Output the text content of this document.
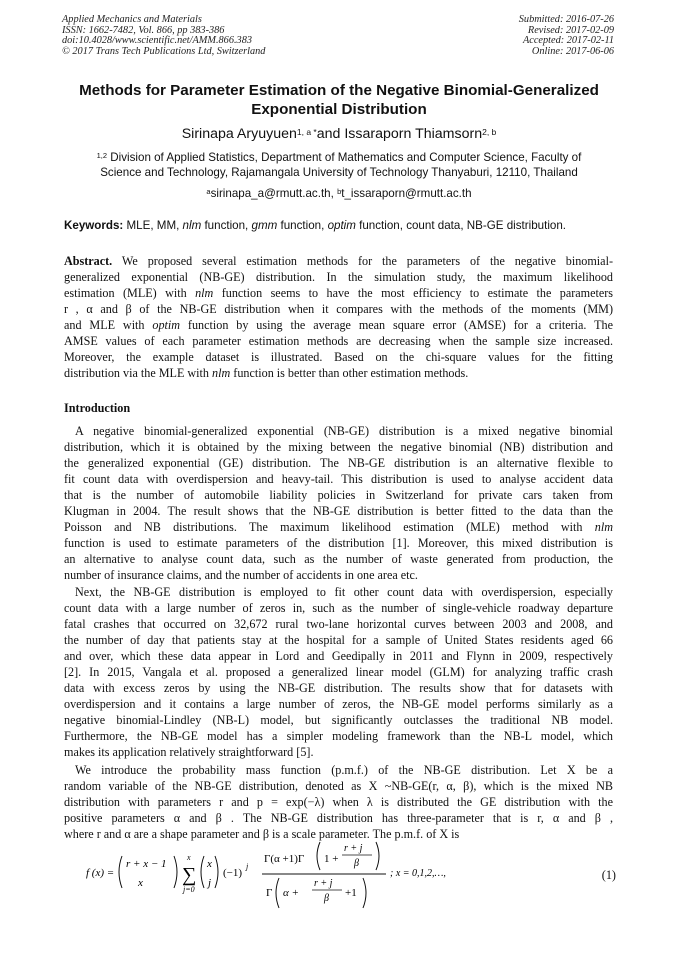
Applied Mechanics and Materials
ISSN: 1662-7482, Vol. 866, pp 383-386
doi:10.4028/www.scientific.net/AMM.866.383
© 2017 Trans Tech Publications Ltd, Switzerland
Submitted: 2016-07-26
Revised: 2017-02-09
Accepted: 2017-02-11
Online: 2017-06-06
Methods for Parameter Estimation of the Negative Binomial-Generalized
Exponential Distribution
Sirinapa Aryuyuen$^{1, a *}$and Issaraporn Thiamsorn$^{2, b}$
$^{1,2}$ Division of Applied Statistics, Department of Mathematics and Computer Science, Faculty of
Science and Technology, Rajamangala University of Technology Thanyaburi, 12110, Thailand
$^a$sirinapa_a@rmutt.ac.th, $^b$t_issaraporn@rmutt.ac.th
Keywords: MLE, MM, nlm function, gmm function, optim function, count data, NB-GE distribution.
Abstract. We proposed several estimation methods for the parameters of the negative binomial-
generalized exponential (NB-GE) distribution. In the simulation study, the maximum likelihood
estimation (MLE) with nlm function seems to have the most efficiency to estimate the parameters
r , α and β of the NB-GE distribution when it compares with the methods of the moments (MM)
and MLE with optim function by using the average mean square error (AMSE) for a criteria. The
AMSE values of each parameter estimation methods are decreasing when the sample size increased.
Moreover, the example dataset is illustrated. Based on the chi-square values for the fitting
distribution via the MLE with nlm function is better than other estimation methods.
Introduction
A negative binomial-generalized exponential (NB-GE) distribution is a mixed negative binomial
distribution, which it is obtained by the mixing between the negative binomial (NB) distribution and
the generalized exponential (GE) distribution. The NB-GE distribution is an alternative flexible to
fit count data with overdispersion and heavy-tail. This distribution is used to analyse accident data
that is the number of automobile liability policies in Switzerland for private cars taken from
Klugman in 2004. The result shows that the NB-GE distribution is better fitted to the data than the
Poisson and NB distributions. The maximum likelihood estimation (MLE) method with nlm
function is used to estimate parameters of the distribution [1]. Moreover, this mixed distribution is
an alternative to analyse count data, such as the number of waste generated from production, the
number of insurance claims, and the number of accidents in one area etc.
Next, the NB-GE distribution is employed to fit other count data with overdispersion, especially
count data with a large number of zeros in, such as the number of single-vehicle roadway departure
fatal crashes that occurred on 32,672 rural two-lane horizontal curves between 2003 and 2008, and
the number of day that patients stay at the hospital for a sample of United States residents aged 66
and over, which these data appear in Lord and Geedipally in 2011 and Flynn in 2009, respectively
[2]. In 2015, Vangala et al. proposed a generalized linear model (GLM) for analyzing traffic crash
data with excess zeros by using the NB-GE distribution. The results show that for datasets with
overdispersion and it contains a large number of zeros, the NB-GE model performs similarly as a
negative binomial-Lindley (NB-L) model, but significantly outclasses the traditional NB model.
Furthermore, the NB-GE model has a simpler modeling framework than the NB-L model, which
makes its application relatively straightforward [5].
We introduce the probability mass function (p.m.f.) of the NB-GE distribution. Let X be a
random variable of the NB-GE distribution, denoted as X ~NB-GE(r, α, β), which is the mixed NB
distribution with parameters r and p = exp(−λ) when λ is distributed the GE distribution with the
positive parameters α and β . The NB-GE distribution has three-parameter that is r, α and β ,
where r and α are a shape parameter and β is a scale parameter. The p.m.f. of X is
f (x) =
r + x − 1
x ∑
x
j=0
x
j
(−1)
j
Γ(α +1)Γ 1 +
r + j
β
Γ α +
r + j
β +1
; x = 0,1,2,…,	(1)
